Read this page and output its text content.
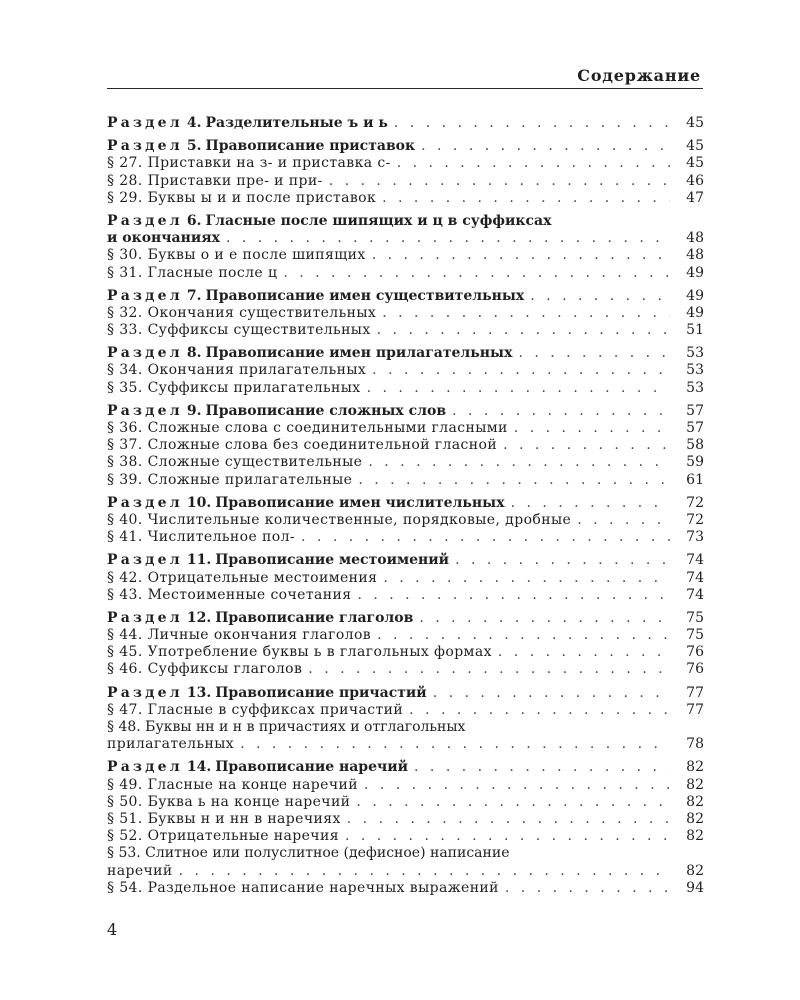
Содержание
Раздел 4. Разделительные ъ и ь . . .	45
Раздел 5. Правописание приставок . . .	45
§ 27. Приставки на з- и приставка с- . . .	45
§ 28. Приставки пре- и при- . . .	46
§ 29. Буквы ы и и после приставок . . .	47
Раздел 6. Гласные после шипящих и ц в суффиксах
и окончаниях . . .	48
§ 30. Буквы о и е после шипящих . . .	48
§ 31. Гласные после ц . . .	49
Раздел 7. Правописание имен существительных . . .	49
§ 32. Окончания существительных . . .	49
§ 33. Суффиксы существительных . . .	51
Раздел 8. Правописание имен прилагательных . . .	53
§ 34. Окончания прилагательных . . .	53
§ 35. Суффиксы прилагательных . . .	53
Раздел 9. Правописание сложных слов . . .	57
§ 36. Сложные слова с соединительными гласными . . .	57
§ 37. Сложные слова без соединительной гласной . . .	58
§ 38. Сложные существительные . . .	59
§ 39. Сложные прилагательные . . .	61
Раздел 10. Правописание имен числительных . . .	72
§ 40. Числительные количественные, порядковые, дробные . . .	72
§ 41. Числительное пол- . . .	73
Раздел 11. Правописание местоимений . . .	74
§ 42. Отрицательные местоимения . . .	74
§ 43. Местоименные сочетания . . .	74
Раздел 12. Правописание глаголов . . .	75
§ 44. Личные окончания глаголов . . .	75
§ 45. Употребление буквы ь в глагольных формах . . .	76
§ 46. Суффиксы глаголов . . .	76
Раздел 13. Правописание причастий . . .	77
§ 47. Гласные в суффиксах причастий . . .	77
§ 48. Буквы нн и н в причастиях и отглагольных
прилагательных . . .	78
Раздел 14. Правописание наречий . . .	82
§ 49. Гласные на конце наречий . . .	82
§ 50. Буква ь на конце наречий . . .	82
§ 51. Буквы н и нн в наречиях . . .	82
§ 52. Отрицательные наречия . . .	82
§ 53. Слитное или полуслитное (дефисное) написание
наречий . . .	82
§ 54. Раздельное написание наречных выражений . . .	94
4
